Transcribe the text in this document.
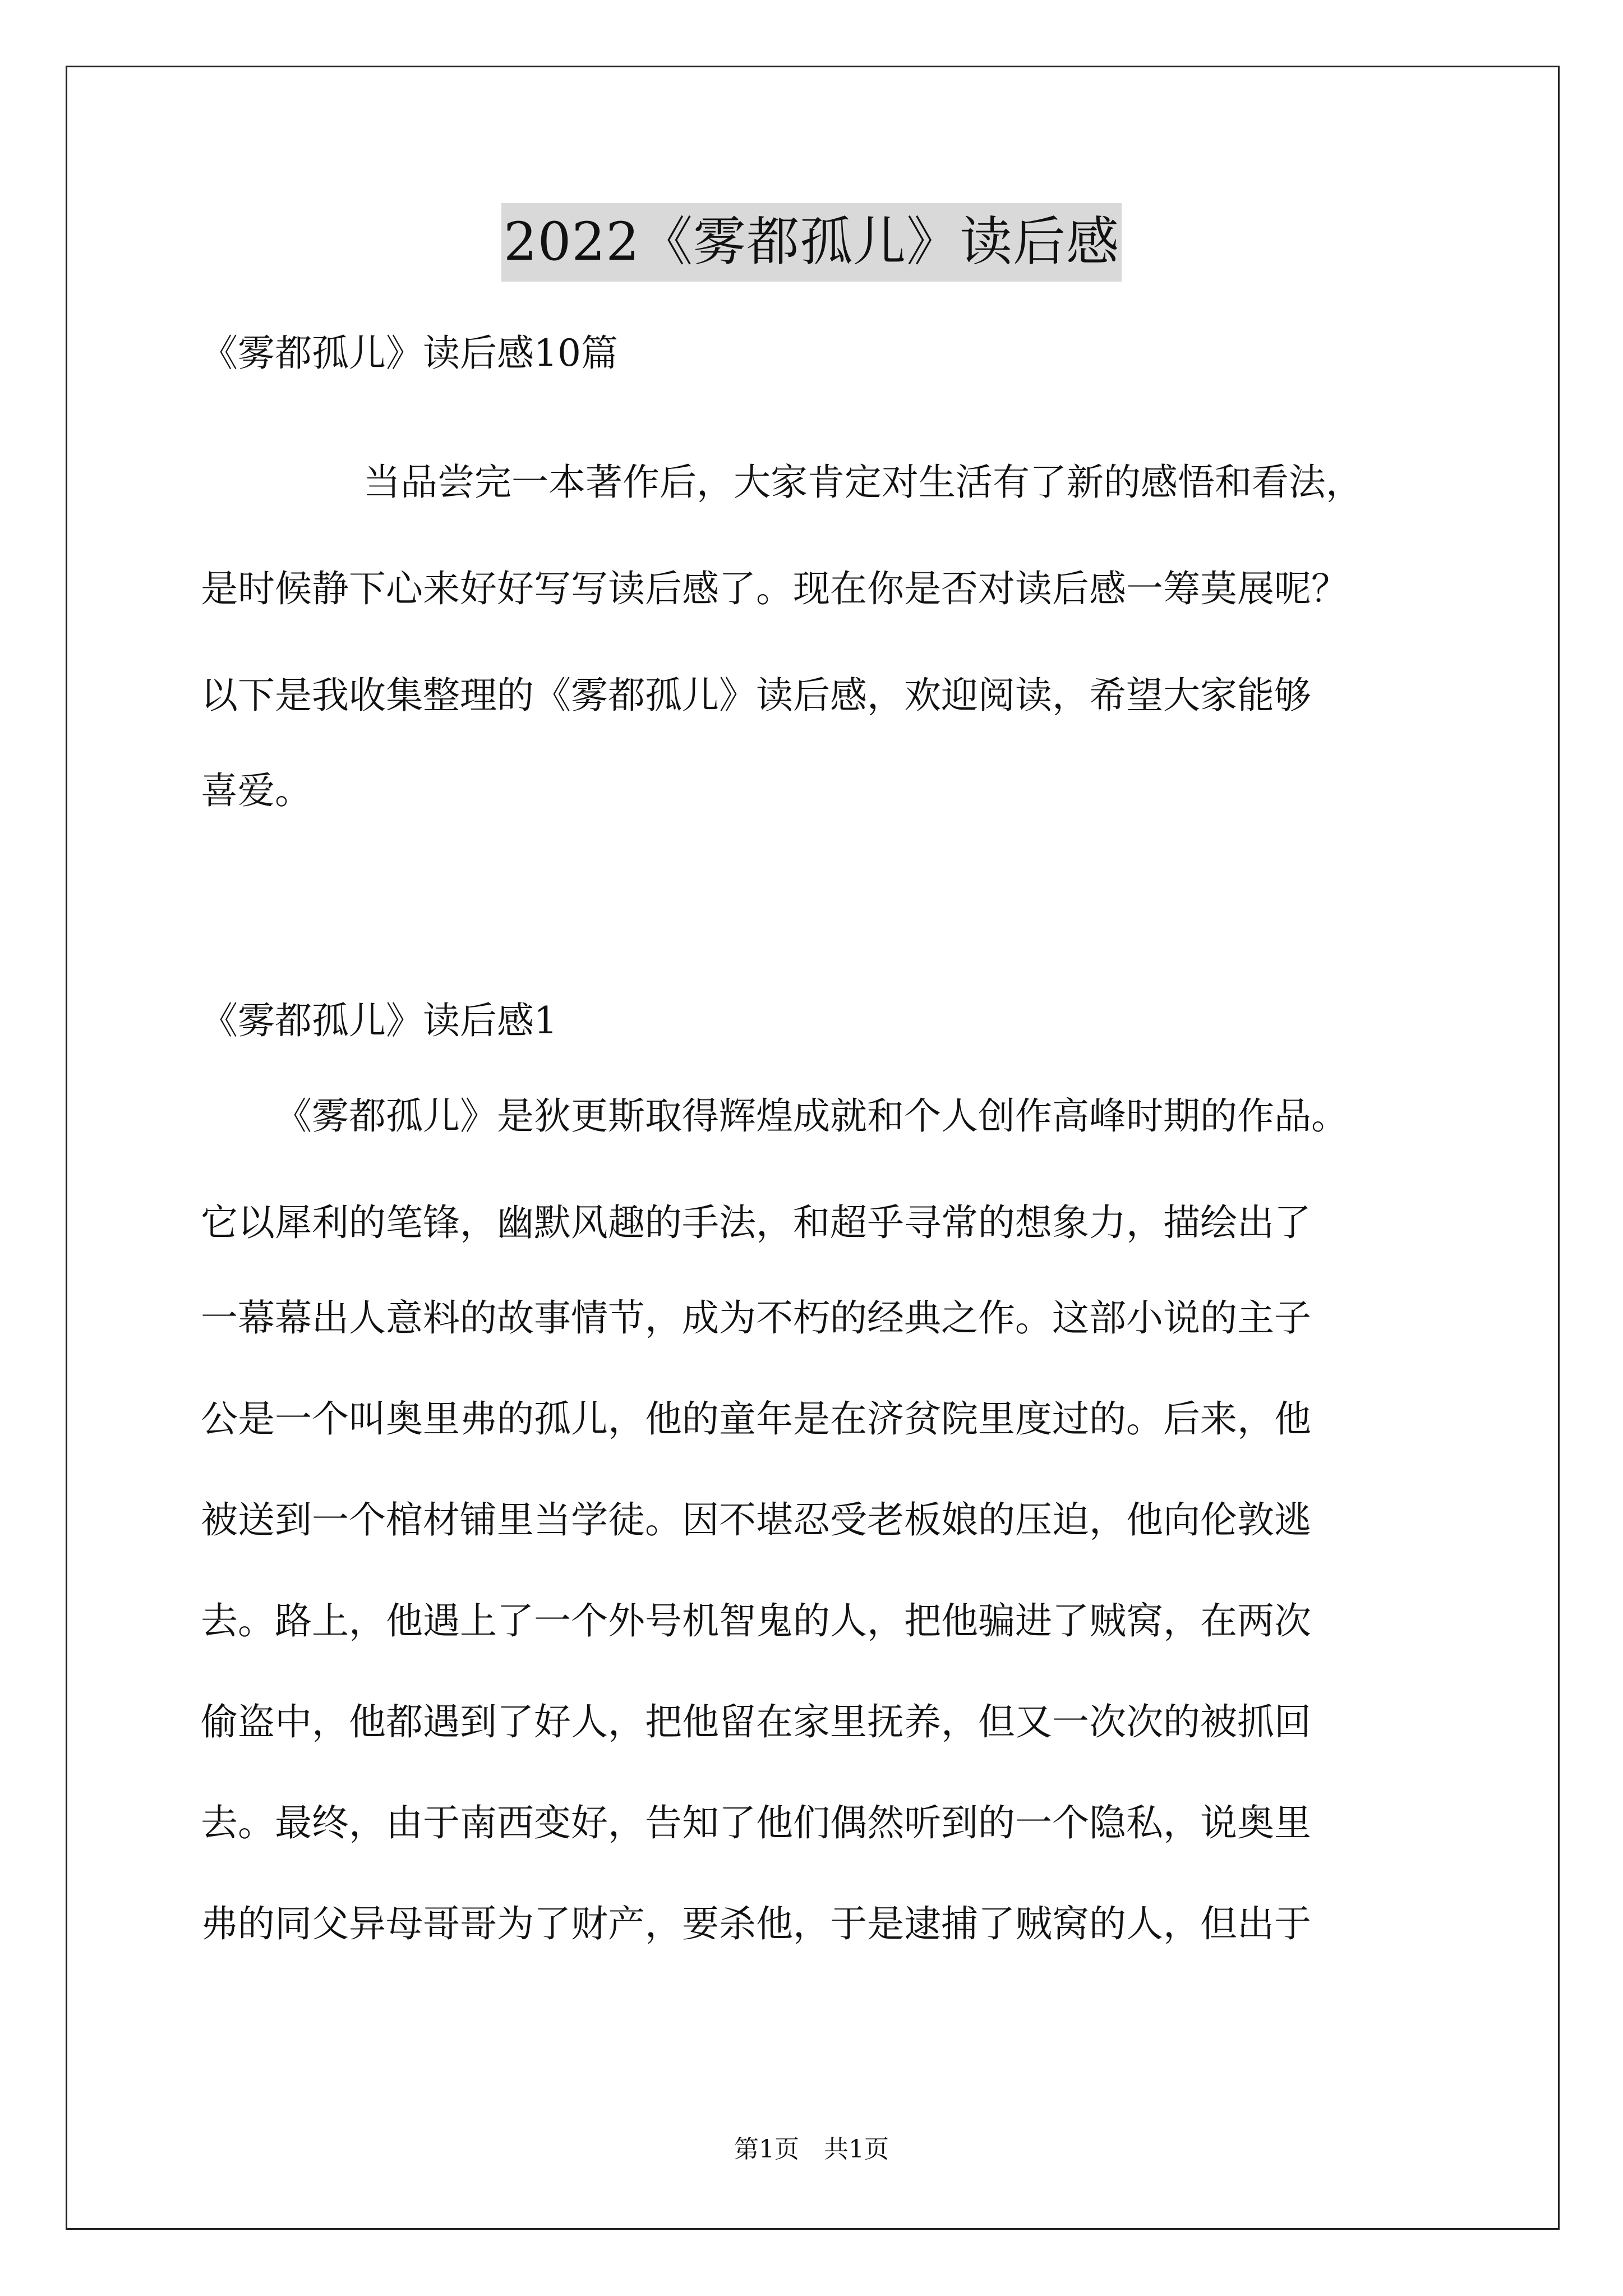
2022《雾都孤儿》读后感
《雾都孤儿》读后感10篇
当品尝完一本著作后，大家肯定对生活有了新的感悟和看法，
是时候静下心来好好写写读后感了。现在你是否对读后感一筹莫展呢？
以下是我收集整理的《雾都孤儿》读后感，欢迎阅读，希望大家能够
喜爱。
《雾都孤儿》读后感1
《雾都孤儿》是狄更斯取得辉煌成就和个人创作高峰时期的作品。
它以犀利的笔锋，幽默风趣的手法，和超乎寻常的想象力，描绘出了
一幕幕出人意料的故事情节，成为不朽的经典之作。这部小说的主子
公是一个叫奥里弗的孤儿，他的童年是在济贫院里度过的。后来，他
被送到一个棺材铺里当学徒。因不堪忍受老板娘的压迫，他向伦敦逃
去。路上，他遇上了一个外号机智鬼的人，把他骗进了贼窝，在两次
偷盗中，他都遇到了好人，把他留在家里抚养，但又一次次的被抓回
去。最终，由于南西变好，告知了他们偶然听到的一个隐私，说奥里
弗的同父异母哥哥为了财产，要杀他，于是逮捕了贼窝的人，但出于
第1页　共1页
